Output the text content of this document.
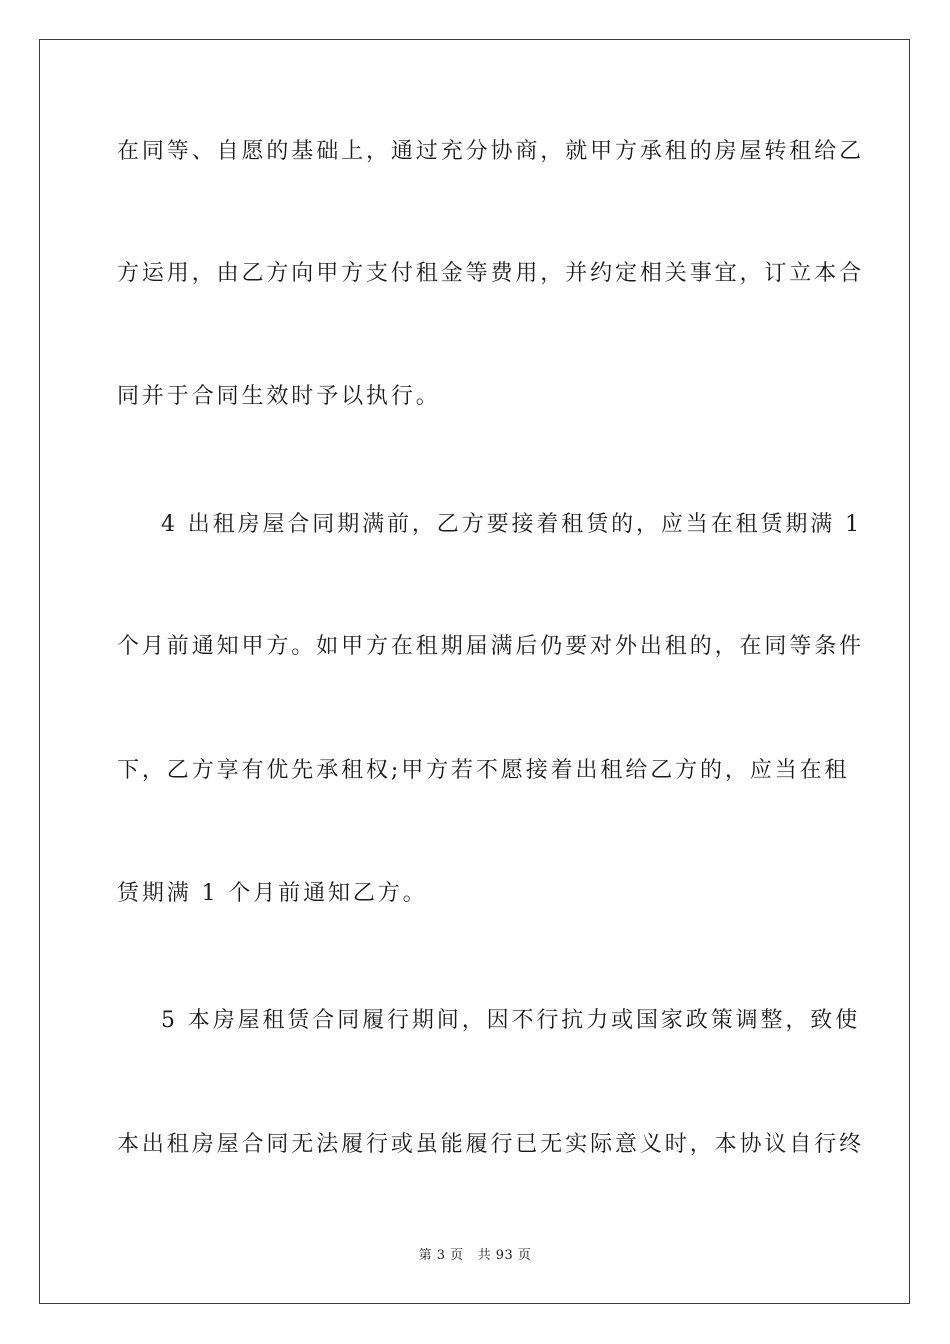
在同等、自愿的基础上，通过充分协商，就甲方承租的房屋转租给乙
方运用，由乙方向甲方支付租金等费用，并约定相关事宜，订立本合
同并于合同生效时予以执行。
4 出租房屋合同期满前，乙方要接着租赁的，应当在租赁期满 1
个月前通知甲方。如甲方在租期届满后仍要对外出租的，在同等条件
下，乙方享有优先承租权;甲方若不愿接着出租给乙方的，应当在租
赁期满 1 个月前通知乙方。
5 本房屋租赁合同履行期间，因不行抗力或国家政策调整，致使
本出租房屋合同无法履行或虽能履行已无实际意义时，本协议自行终
第 3 页 共 93 页
